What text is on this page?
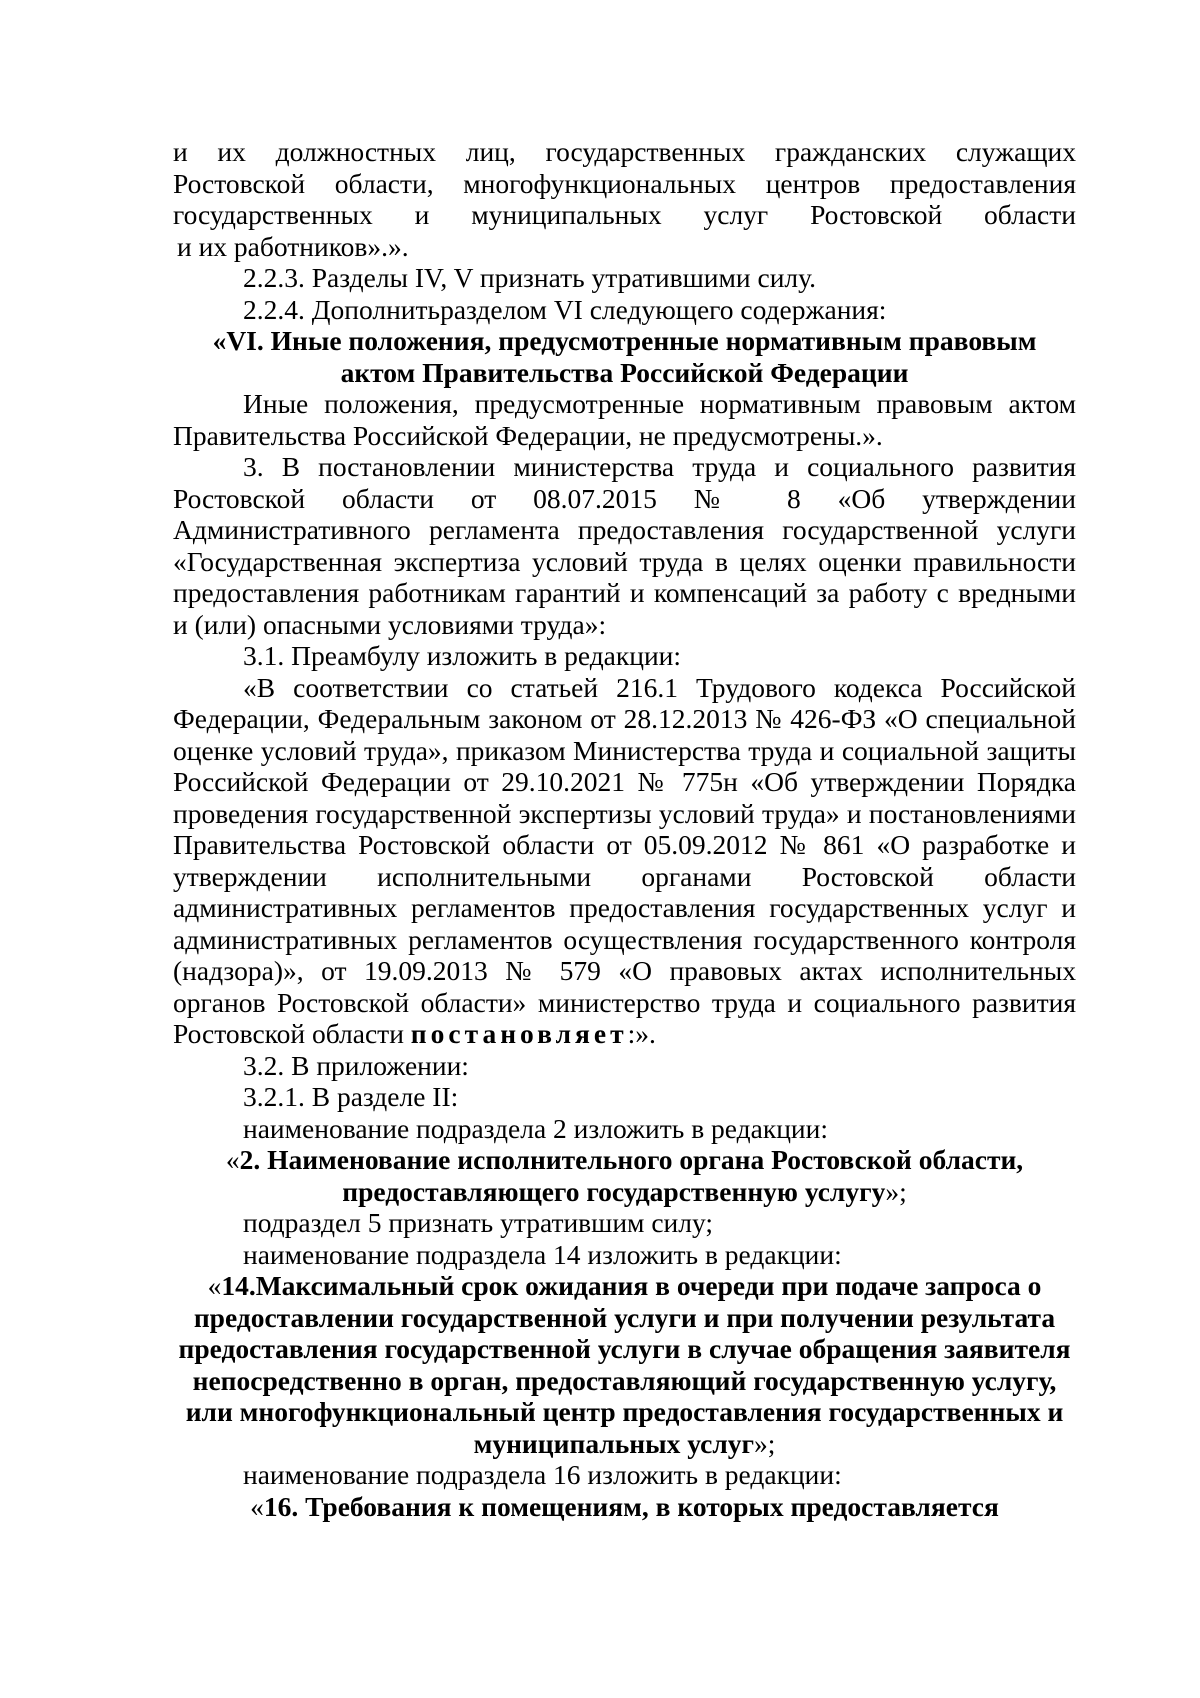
и их должностных лиц, государственных гражданских служащих Ростовской области, многофункциональных центров предоставления государственных и муниципальных услуг Ростовской области

и их работников».».

2.2.3. Разделы IV, V признать утратившими силу.

2.2.4. Дополнитьразделом VI следующего содержания:

«VI. Иные положения, предусмотренные нормативным правовым актом Правительства Российской Федерации

Иные положения, предусмотренные нормативным правовым актом Правительства Российской Федерации, не предусмотрены.».

3. В постановлении министерства труда и социального развития Ростовской области от 08.07.2015 № 8 «Об утверждении Административного регламента предоставления государственной услуги «Государственная экспертиза условий труда в целях оценки правильности предоставления работникам гарантий и компенсаций за работу с вредными и (или) опасными условиями труда»:

3.1. Преамбулу изложить в редакции:

«В соответствии со статьей 216.1 Трудового кодекса Российской Федерации, Федеральным законом от 28.12.2013 № 426-ФЗ «О специальной оценке условий труда», приказом Министерства труда и социальной защиты Российской Федерации от 29.10.2021 № 775н «Об утверждении Порядка проведения государственной экспертизы условий труда» и постановлениями Правительства Ростовской области от 05.09.2012 № 861 «О разработке и утверждении исполнительными органами Ростовской области административных регламентов предоставления государственных услуг и административных регламентов осуществления государственного контроля (надзора)», от 19.09.2013 № 579 «О правовых актах исполнительных органов Ростовской области» министерство труда и социального развития Ростовской области постановляет:».

3.2. В приложении:

3.2.1. В разделе II:

наименование подраздела 2 изложить в редакции:

«2. Наименование исполнительного органа Ростовской области, предоставляющего государственную услугу»;

подраздел 5 признать утратившим силу;

наименование подраздела 14 изложить в редакции:

«14.Максимальный срок ожидания в очереди при подаче запроса о предоставлении государственной услуги и при получении результата предоставления государственной услуги в случае обращения заявителя непосредственно в орган, предоставляющий государственную услугу, или многофункциональный центр предоставления государственных и муниципальных услуг»;

наименование подраздела 16 изложить в редакции:

«16. Требования к помещениям, в которых предоставляется
